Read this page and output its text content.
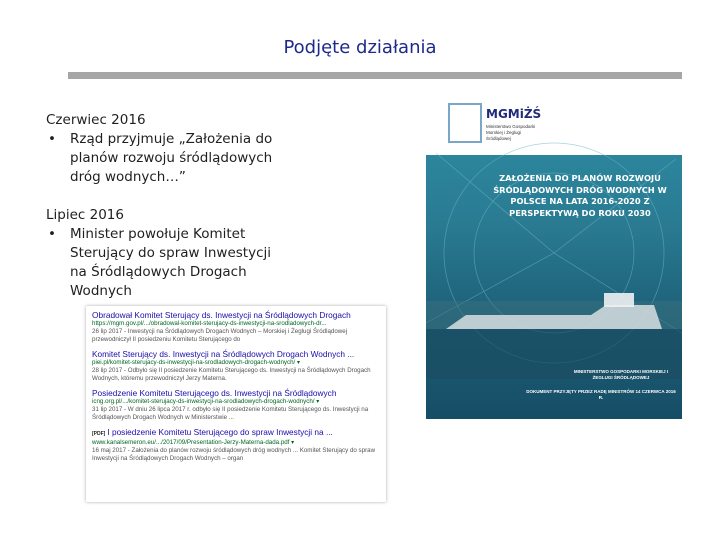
Podjęte działania
Czerwiec 2016
•	Rząd przyjmuje „Założenia do planów rozwoju śródlądowych dróg wodnych…”
Lipiec 2016
•	Minister powołuje Komitet Sterujący do spraw Inwestycji na Śródlądowych Drogach Wodnych
MGMiŻŚ
Ministerstwo Gospodarki Morskiej i Żeglugi Śródlądowej
ZAŁOŻENIA DO PLANÓW ROZWOJU ŚRÓDLĄDOWYCH DRÓG WODNYCH W POLSCE NA LATA 2016-2020 Z PERSPEKTYWĄ DO ROKU 2030
MINISTERSTWO GOSPODARKI MORSKIEJ I ŻEGLUGI ŚRÓDLĄDOWEJ
DOKUMENT PRZYJĘTY PRZEZ RADĘ MINISTRÓW 14 CZERWCA 2016 R.
Obradował Komitet Sterujący ds. Inwestycji na Śródlądowych Drogach
https://mgm.gov.pl/.../obradowal-komitet-sterujacy-ds-inwestycji-na-srodladowych-dr...
26 lip 2017 - Inwestycji na Śródlądowych Drogach Wodnych – Morskiej i Żeglugi Śródlądowej przewodniczył II posiedzeniu Komitetu Sterującego do
Komitet Sterujący ds. Inwestycji na Śródlądowych Drogach Wodnych ...
piei.pl/komitet-sterujacy-ds-inwestycji-na-srodladowych-drogach-wodnych/ ▾
28 lip 2017 - Odbyło się II posiedzenie Komitetu Sterującego ds. Inwestycji na Śródlądowych Drogach Wodnych, któremu przewodniczył Jerzy Materna.
Posiedzenie Komitetu Sterującego ds. Inwestycji na Śródlądowych
icng.org.pl/.../komitet-sterujacy-ds-inwestycji-na-srodladowych-drogach-wodnych/ ▾
31 lip 2017 - W dniu 26 lipca 2017 r. odbyło się II posiedzenie Komitetu Sterującego ds. Inwestycji na Śródlądowych Drogach Wodnych w Ministerstwie ...
[PDF] I posiedzenie Komitetu Sterującego do spraw Inwestycji na ...
www.kanalsemeron.eu/.../2017/09/Presentation-Jerzy-Materna-dada.pdf ▾
16 maj 2017 - Założenia do planów rozwoju śródlądowych dróg wodnych ... Komitet Sterujący do spraw Inwestycji na Śródlądowych Drogach Wodnych – organ
